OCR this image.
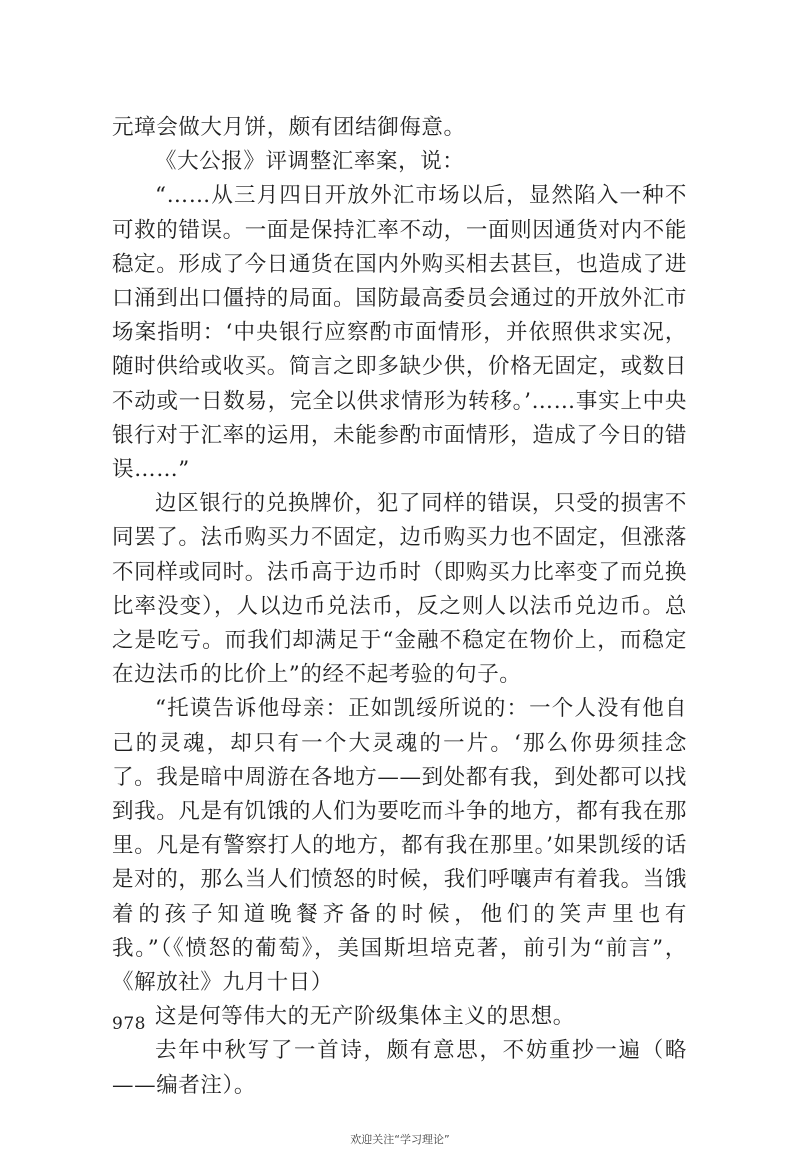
元璋会做大月饼，颇有团结御侮意。

《大公报》评调整汇率案，说：

“……从三月四日开放外汇市场以后，显然陷入一种不可救的错误。一面是保持汇率不动，一面则因通货对内不能稳定。形成了今日通货在国内外购买相去甚巨，也造成了进口涌到出口僵持的局面。国防最高委员会通过的开放外汇市场案指明：‘中央银行应察酌市面情形，并依照供求实况，随时供给或收买。简言之即多缺少供，价格无固定，或数日不动或一日数易，完全以供求情形为转移。’……事实上中央银行对于汇率的运用，未能参酌市面情形，造成了今日的错误……”

边区银行的兑换牌价，犯了同样的错误，只受的损害不同罢了。法币购买力不固定，边币购买力也不固定，但涨落不同样或同时。法币高于边币时（即购买力比率变了而兑换比率没变），人以边币兑法币，反之则人以法币兑边币。总之是吃亏。而我们却满足于“金融不稳定在物价上，而稳定在边法币的比价上”的经不起考验的句子。

“托谟告诉他母亲：正如凯绥所说的：一个人没有他自己的灵魂，却只有一个大灵魂的一片。‘那么你毋须挂念了。我是暗中周游在各地方——到处都有我，到处都可以找到我。凡是有饥饿的人们为要吃而斗争的地方，都有我在那里。凡是有警察打人的地方，都有我在那里。’如果凯绥的话是对的，那么当人们愤怒的时候，我们呼嚷声有着我。当饿着的孩子知道晚餐齐备的时候，他们的笑声里也有我。”（《愤怒的葡萄》，美国斯坦培克著，前引为“前言”，《解放社》九月十日）

这是何等伟大的无产阶级集体主义的思想。

去年中秋写了一首诗，颇有意思，不妨重抄一遍（略——编者注）。

978
欢迎关注“学习理论”
